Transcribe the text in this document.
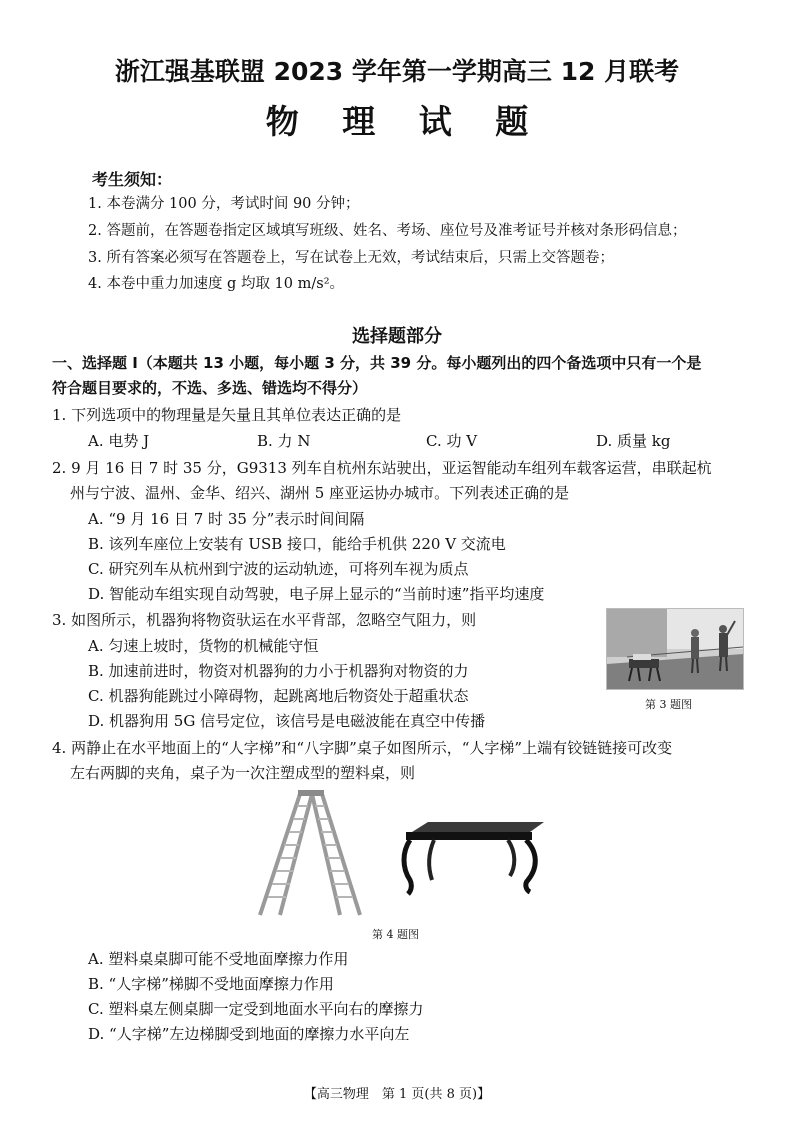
浙江强基联盟 2023 学年第一学期高三 12 月联考
物 理 试 题
考生须知：
1. 本卷满分 100 分，考试时间 90 分钟；
2. 答题前，在答题卷指定区域填写班级、姓名、考场、座位号及准考证号并核对条形码信息；
3. 所有答案必须写在答题卷上，写在试卷上无效，考试结束后，只需上交答题卷；
4. 本卷中重力加速度 g 均取 10 m/s²。
选择题部分
一、选择题 Ⅰ（本题共 13 小题，每小题 3 分，共 39 分。每小题列出的四个备选项中只有一个是
符合题目要求的，不选、多选、错选均不得分）
1. 下列选项中的物理量是矢量且其单位表达正确的是
A. 电势 J	B. 力 N	C. 功 V	D. 质量 kg
2. 9 月 16 日 7 时 35 分，G9313 列车自杭州东站驶出，亚运智能动车组列车载客运营，串联起杭
州与宁波、温州、金华、绍兴、湖州 5 座亚运协办城市。下列表述正确的是
A. “9 月 16 日 7 时 35 分”表示时间间隔
B. 该列车座位上安装有 USB 接口，能给手机供 220 V 交流电
C. 研究列车从杭州到宁波的运动轨迹，可将列车视为质点
D. 智能动车组实现自动驾驶，电子屏上显示的“当前时速”指平均速度
3. 如图所示，机器狗将物资驮运在水平背部，忽略空气阻力，则
A. 匀速上坡时，货物的机械能守恒
B. 加速前进时，物资对机器狗的力小于机器狗对物资的力
C. 机器狗能跳过小障碍物，起跳离地后物资处于超重状态
D. 机器狗用 5G 信号定位，该信号是电磁波能在真空中传播
第 3 题图
4. 两静止在水平地面上的“人字梯”和“八字脚”桌子如图所示，“人字梯”上端有铰链链接可改变
左右两脚的夹角，桌子为一次注塑成型的塑料桌，则
第 4 题图
A. 塑料桌桌脚可能不受地面摩擦力作用
B. “人字梯”梯脚不受地面摩擦力作用
C. 塑料桌左侧桌脚一定受到地面水平向右的摩擦力
D. “人字梯”左边梯脚受到地面的摩擦力水平向左
【高三物理　第 1 页(共 8 页)】
